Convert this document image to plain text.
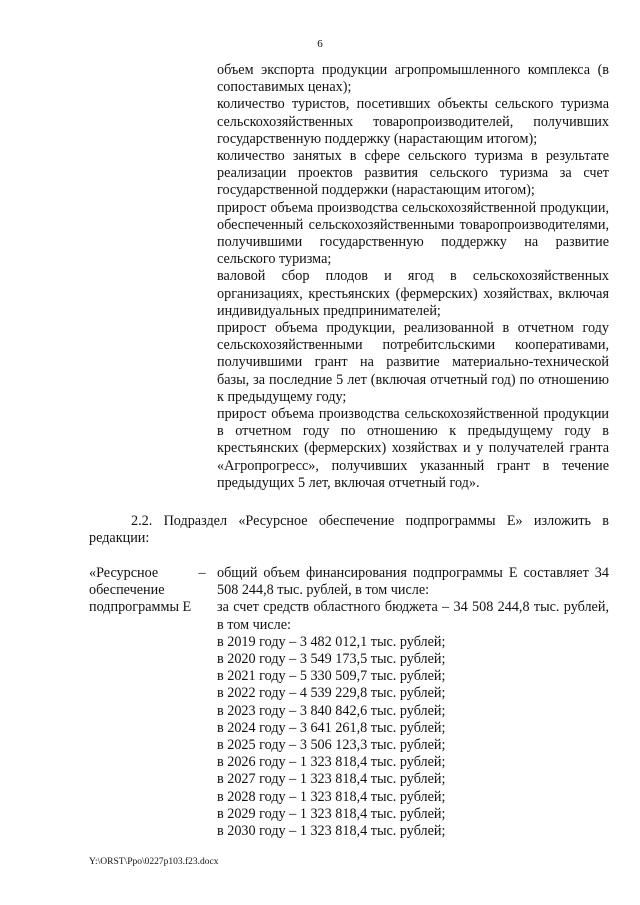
6

объем экспорта продукции агропромышленного комплекса (в сопоставимых ценах);

количество туристов, посетивших объекты сельского туризма сельскохозяйственных товаропроизводителей, получивших государственную поддержку (нарастающим итогом);

количество занятых в сфере сельского туризма в результате реализации проектов развития сельского туризма за счет государственной поддержки (нарастающим итогом);

прирост объема производства сельскохозяйственной продукции, обеспеченный сельскохозяйственными товаропроизводителями, получившими государственную поддержку на развитие сельского туризма;

валовой сбор плодов и ягод в сельскохозяйственных организациях, крестьянских (фермерских) хозяйствах, включая индивидуальных предпринимателей;

прирост объема продукции, реализованной в отчетном году сельскохозяйственными потребитсльскими кооперативами, получившими грант на развитие материально-технической базы, за последние 5 лет (включая отчетный год) по отношению к предыдущему году;

прирост объема производства сельскохозяйственной продукции в отчетном году по отношению к предыдущему году в крестьянских (фермерских) хозяйствах и у получателей гранта «Агропрогресс», получивших указанный грант в течение предыдущих 5 лет, включая отчетный год».

2.2. Подраздел «Ресурсное обеспечение подпрограммы Е» изложить в редакции:

«Ресурсное обеспечение подпрограммы Е
– общий объем финансирования подпрограммы Е составляет 34 508 244,8 тыс. рублей, в том числе:

за счет средств областного бюджета – 34 508 244,8 тыс. рублей, в том числе:

в 2019 году – 3 482 012,1 тыс. рублей;
в 2020 году – 3 549 173,5 тыс. рублей;
в 2021 году – 5 330 509,7 тыс. рублей;
в 2022 году – 4 539 229,8 тыс. рублей;
в 2023 году – 3 840 842,6 тыс. рублей;
в 2024 году – 3 641 261,8 тыс. рублей;
в 2025 году – 3 506 123,3 тыс. рублей;
в 2026 году – 1 323 818,4 тыс. рублей;
в 2027 году – 1 323 818,4 тыс. рублей;
в 2028 году – 1 323 818,4 тыс. рублей;
в 2029 году – 1 323 818,4 тыс. рублей;
в 2030 году – 1 323 818,4 тыс. рублей;
Y:\ORST\Ppo\0227p103.f23.docx
